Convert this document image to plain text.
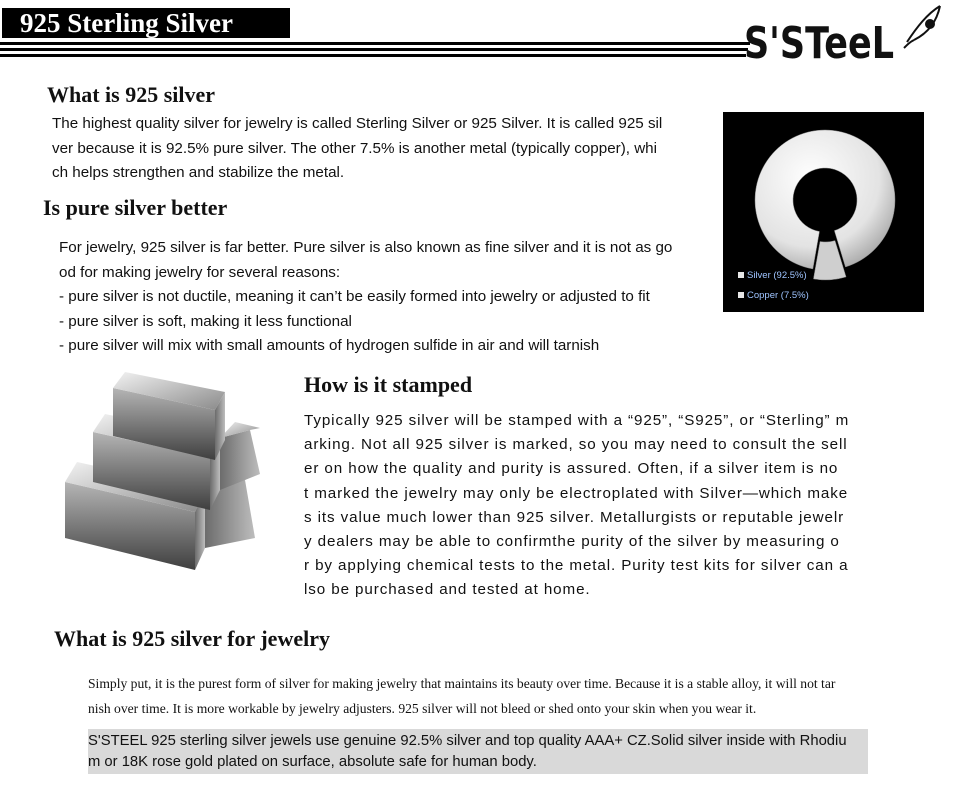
925 Sterling Silver	S'STeeL
What is 925 silver

The highest quality silver for jewelry is called Sterling Silver or 925 Silver. It is called 925 sil

ver because it is 92.5% pure silver. The other 7.5% is another metal (typically copper), whi

ch helps strengthen and stabilize the metal.

Silver (92.5%)
Copper (7.5%)
Is pure silver better

For jewelry, 925 silver is far better. Pure silver is also known as fine silver and it is not as go

od for making jewelry for several reasons:

- pure silver is not ductile, meaning it can’t be easily formed into jewelry or adjusted to fit

- pure silver is soft, making it less functional

- pure silver will mix with small amounts of hydrogen sulfide in air and will tarnish

How is it stamped

Typically 925 silver will be stamped with a “925”, “S925”, or “Sterling” m

arking. Not all 925 silver is marked, so you may need to consult the sell

er on how the quality and purity is assured. Often, if a silver item is no

t marked the jewelry may only be electroplated with Silver—which make

s its value much lower than 925 silver. Metallurgists or reputable jewelr

y dealers may be able to confirmthe purity of the silver by measuring o

r by applying chemical tests to the metal. Purity test kits for silver can a

lso be purchased and tested at home.

What is 925 silver for jewelry

Simply put, it is the purest form of silver for making jewelry that maintains its beauty over time. Because it is a stable alloy, it will not tar

nish over time. It is more workable by jewelry adjusters. 925 silver will not bleed or shed onto your skin when you wear it.

S'STEEL 925 sterling silver jewels use genuine 92.5% silver and top quality AAA+ CZ.Solid silver inside with Rhodiu

m or 18K rose gold plated on surface, absolute safe for human body.
